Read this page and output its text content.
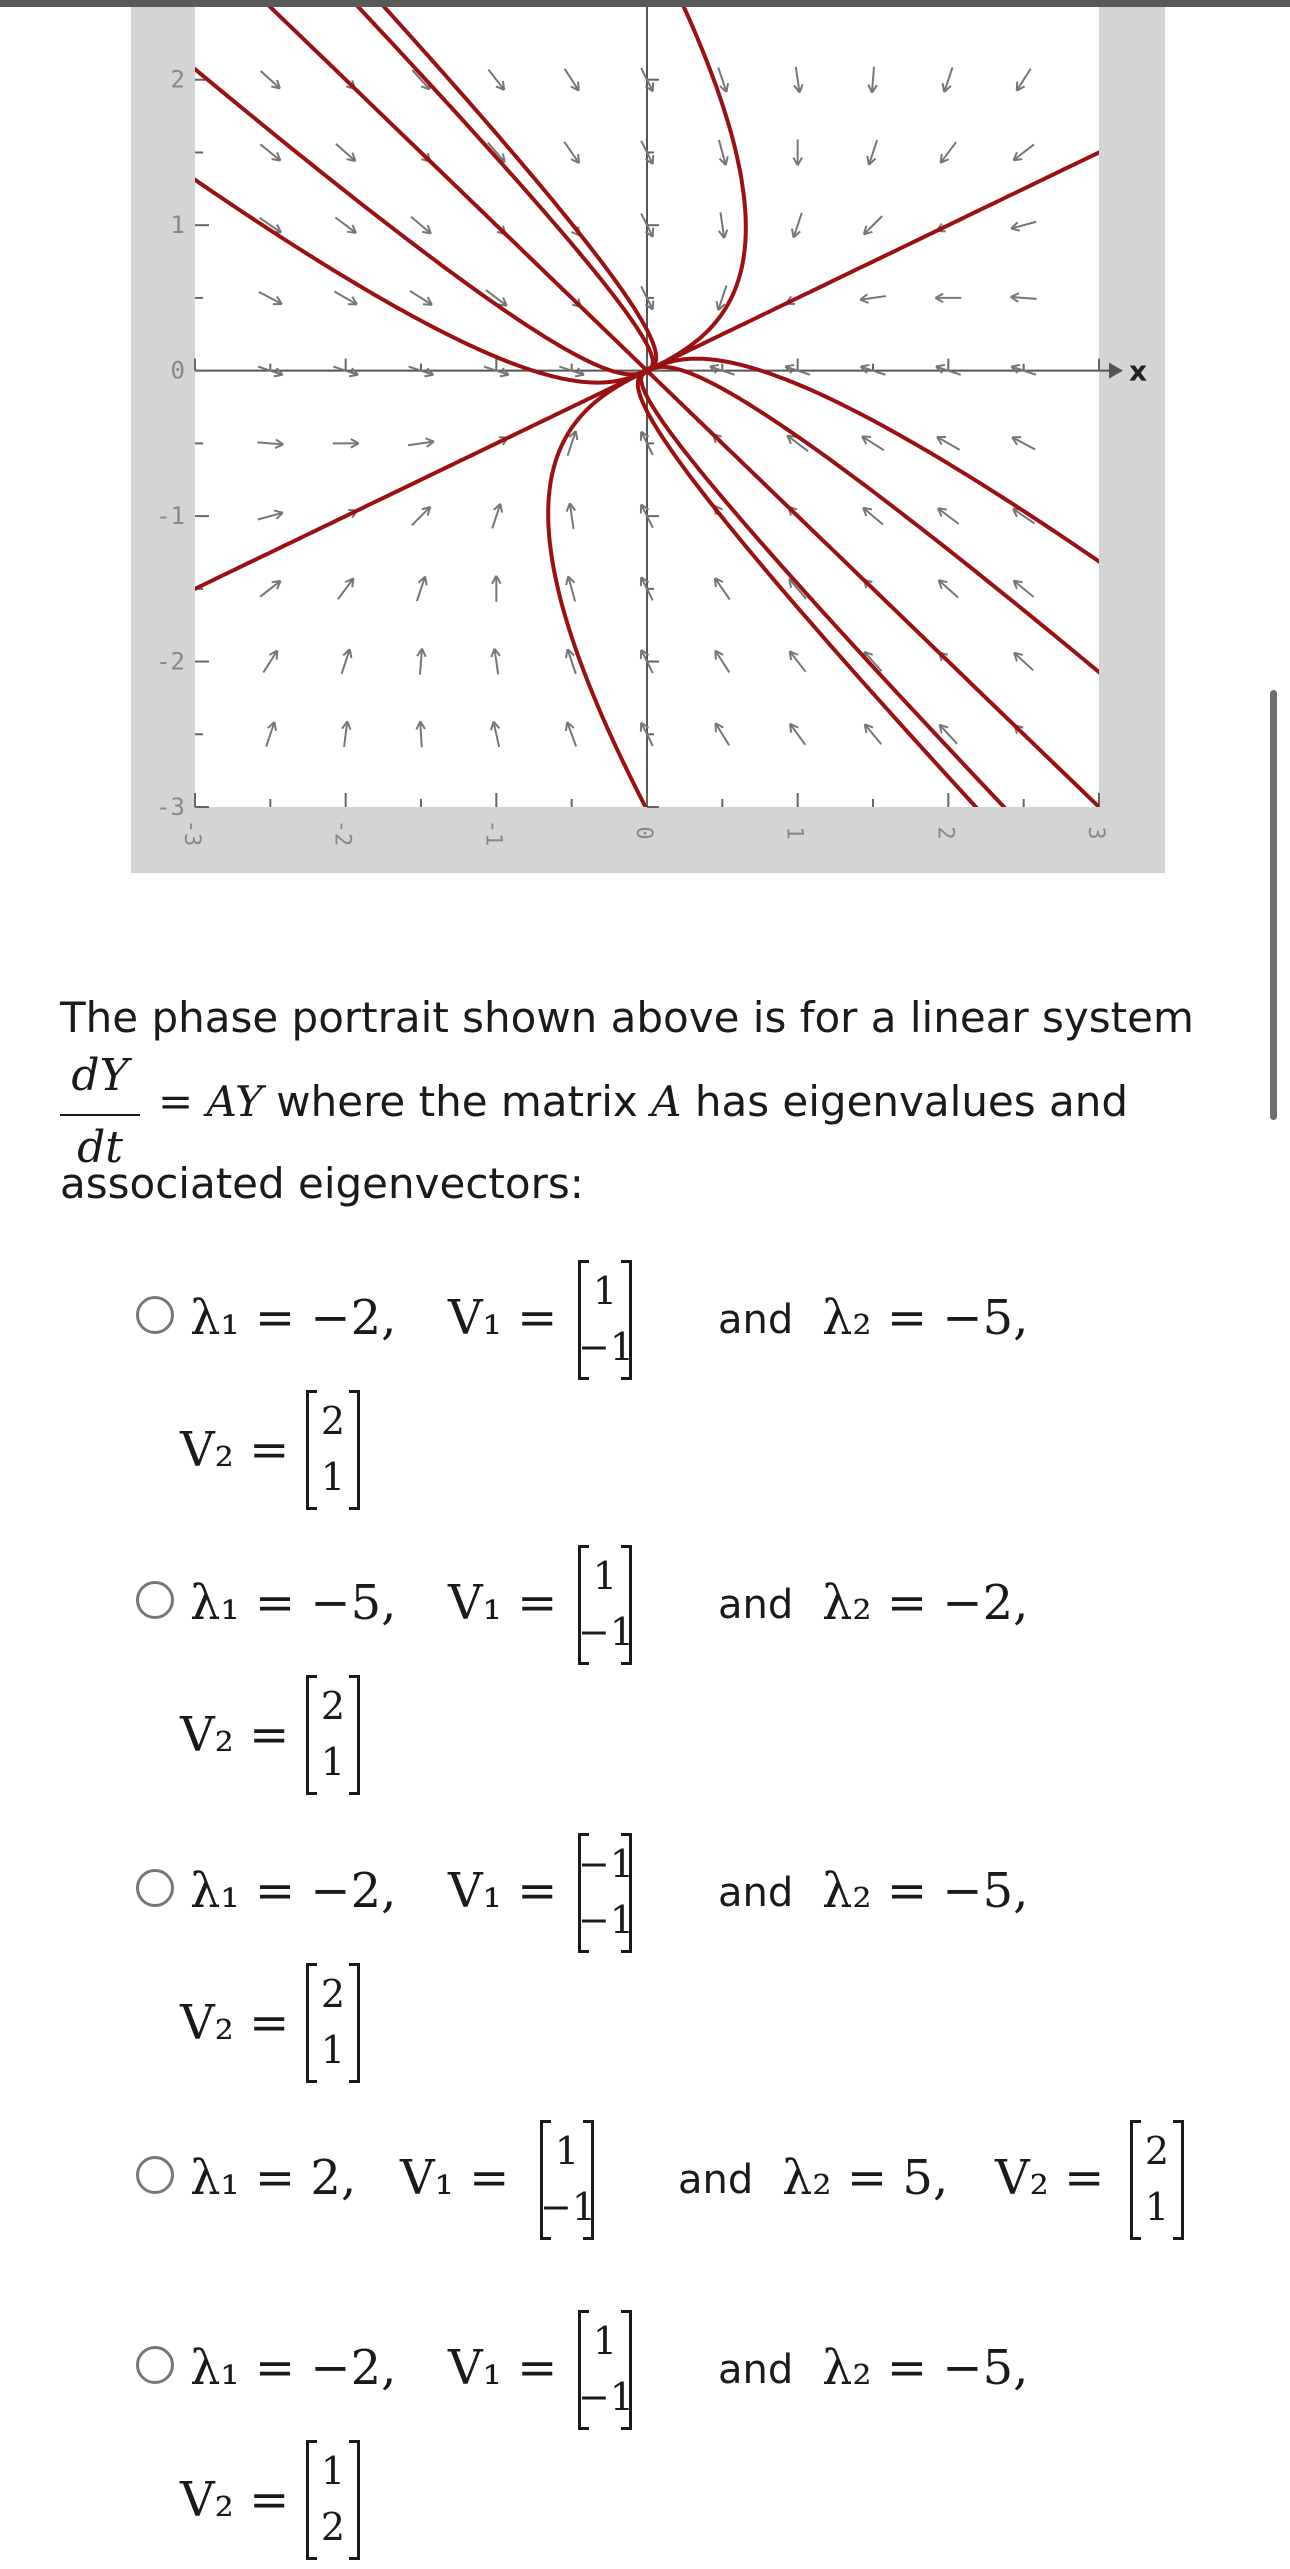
x
-3	-2	-1	0	1	2	3
2
1
0
-1
-2
-3
The phase portrait shown above is for a linear system
dY
dt
= AY where the matrix A has eigenvalues and
associated eigenvectors:
λ₁ = −2, V₁ = 1
−1
and λ₂ = −5,
V₂ =
2
1
λ₁ = −5, V₁ = 1
−1
and λ₂ = −2,
V₂ =
2
1
λ₁ = −2, V₁ = −1
−1
and λ₂ = −5,
V₂ =
2
1
λ₁ = 2, V₁ =	1
−1
and λ₂ = 5, V₂ =	2
1
λ₁ = −2, V₁ = 1
−1
and λ₂ = −5,
V₂ =
1
2
